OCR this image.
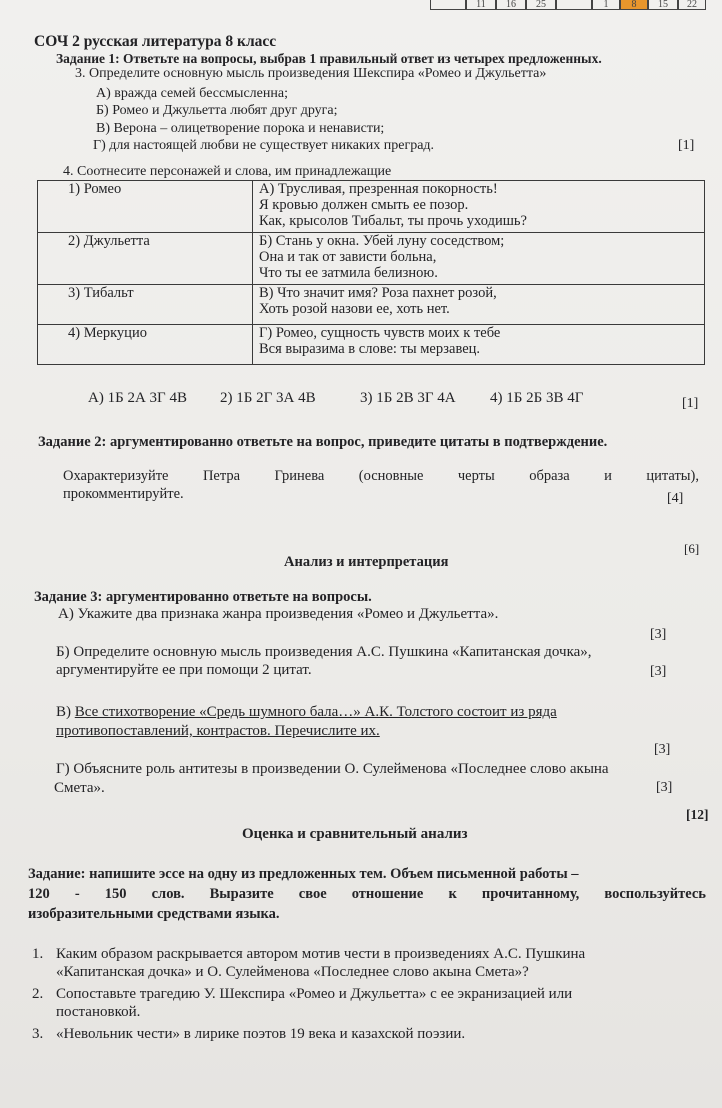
11	16	25	1	8	15	22
СОЧ 2 русская литература 8 класс
Задание 1: Ответьте на вопросы, выбрав 1 правильный ответ из четырех предложенных.
3. Определите основную мысль произведения Шекспира «Ромео и Джульетта»
А) вражда семей бессмысленна;
Б) Ромео и Джульетта любят друг друга;
В) Верона – олицетворение порока и ненависти;
Г) для настоящей любви не существует никаких преград.	[1]
4. Соотнесите персонажей и слова, им принадлежащие
1) Ромео	А) Трусливая, презренная покорность!
Я кровью должен смыть ее позор.
Как, крысолов Тибальт, ты прочь уходишь?

2) Джульетта	Б) Стань у окна. Убей луну соседством;
Она и так от зависти больна,
Что ты ее затмила белизною.

3) Тибальт	В) Что значит имя? Роза пахнет розой,
Хоть розой назови ее, хоть нет.

4) Меркуцио	Г) Ромео, сущность чувств моих к тебе
Вся выразима в слове: ты мерзавец.
А) 1Б 2А 3Г 4В 2) 1Б 2Г 3А 4В	3) 1Б 2В 3Г 4А 4) 1Б 2Б 3В 4Г	[1]
Задание 2: аргументированно ответьте на вопрос, приведите цитаты в подтверждение.
Охарактеризуйте Петра Гринева (основные черты образа и цитаты),
прокомментируйте.	[4]
[6]
Анализ и интерпретация
Задание 3: аргументированно ответьте на вопросы.
А) Укажите два признака жанра произведения «Ромео и Джульетта».
[3]
Б) Определите основную мысль произведения А.С. Пушкина «Капитанская дочка»,
аргументируйте ее при помощи 2 цитат.	[3]
В) Все стихотворение «Средь шумного бала…» А.К. Толстого состоит из ряда
противопоставлений, контрастов. Перечислите их.
[3]
Г) Объясните роль антитезы в произведении О. Сулейменова «Последнее слово акына
Смета».	[3]
[12]
Оценка и сравнительный анализ
Задание: напишите эссе на одну из предложенных тем. Объем письменной работы –
120 - 150 слов. Выразите свое отношение к прочитанному, воспользуйтесь
изобразительными средствами языка.
1. Каким образом раскрывается автором мотив чести в произведениях А.С. Пушкина
«Капитанская дочка» и О. Сулейменова «Последнее слово акына Смета»?
2. Сопоставьте трагедию У. Шекспира «Ромео и Джульетта» с ее экранизацией или
постановкой.
3. «Невольник чести» в лирике поэтов 19 века и казахской поэзии.
